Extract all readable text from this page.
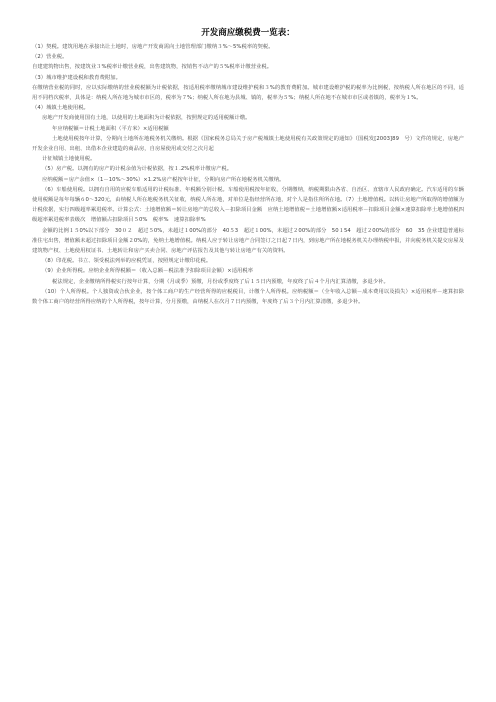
开发商应缴税费一览表：

（1）契税。建筑用地在承接出让土地时，房地产开发商需向土地管理部门缴纳３%～5%税率的契税。

（2）营业税。

自建建筑物出售，按建筑业３%税率计缴营业税，出售建筑物，按销售不动产的５%税率计缴营业税。

（3）城市维护建设税和教育费附加。

在缴纳营业税的同时，应以实际缴纳的营业税税额为计税依据，按适用税率缴纳城市建设维护税和３%的教育费附加。城市建设维护税的税率为比例税，按纳税人所在地区的不同，适用不同档次税率，具体是：纳税人所在地为城市市区的，税率为７%；纳税人所在地为县城、镇的，税率为５%；纳税人所在地不在城市市区或者镇的，税率为１%。

（4）城镇土地使用税。

房地产开发商使用国有土地，以使用的土地面积为计税依据，按照规定的适用税额计缴。

年应纳税额＝计税土地面积（平方米）×适用税额

土地使用税按年计算，分期向土地所在地税务机关缴纳。根据《国家税务总局关于房产税城镇土地使用税有关政策规定的通知》（国税发[2003]89　号）文件的规定，房地产开发企业自用、出租、出借本企业建造的商品房，自房屋使用或交付之次月起

计征城镇土地使用税。

（5）房产税。以拥有的房产的计税余值为计税依据，按１.2%税率计缴房产税。

应纳税额＝房产余值×（1－10%～30%）×1.2%房产税按年计征，分期向房产所在地税务机关缴纳。

（6）车船使用税。以拥有自用的应税车船适用的计税标准、年税额分别计税。车船使用税按年征收，分期缴纳，纳税期限由各省、自治区、直辖市人民政府确定。汽车适用的车辆使用税额是每年每辆６0～320元，由纳税人所在地税务机关征收，纳税人所在地，对单位是指经营所在地，对个人是指住所所在地。（7）土地增值税。以转让房地产所取得的增值额为计税依据，实行四级超率累进税率。计算公式：土地增值额＝转让房地产的总收入－扣除项目金额　应纳土地增值税＝土地增值额×适用税率－扣除项目金额×速算扣除率土地增值税四级超率累进税率表级次　增值额占扣除项目５0%　税率%　速算扣除率%

金额的比例１５0%以下部分　30０２　超过５0%，未超过１00%的部分　40５3　超过１00%，未超过２00%的部分　50１54　超过２00%的部分　60　35 企业建造普通标准住宅出售，增值额未超过扣除项目金额２0%的，免纳土地增值税。纳税人应于转让房地产合同签订之日起７日内，到房地产所在地税务机关办理纳税申报，并向税务机关提交房屋及建筑物产权、土地使用权证书、土地转让和房产买卖合同、房地产评估报告及其他与转让房地产有关的资料。

（8）印花税。书立、领受税法列举的应税凭证，按照规定计缴印花税。

（9）企业所得税。应纳企业所得税额＝（收入总额－税法准予扣除项目金额）×适用税率

税法规定，企业缴纳所得税实行按年计算，分期（月或季）预缴，月份或季度终了后１５日内预缴，年度终了后４个月内汇算清缴，多退少补。

（10）个人所得税。个人独资或合伙企业，按个体工商户的生产经营所得的应税税目，计缴个人所得税。应纳税额＝（全年收入总额－成本费用以及损失）×适用税率－速算扣除数个体工商户的经营所得应纳的个人所得税，按年计算，分月预缴，由纳税人在次月７日内预缴，年度终了后３个月内汇算清缴，多退少补。
